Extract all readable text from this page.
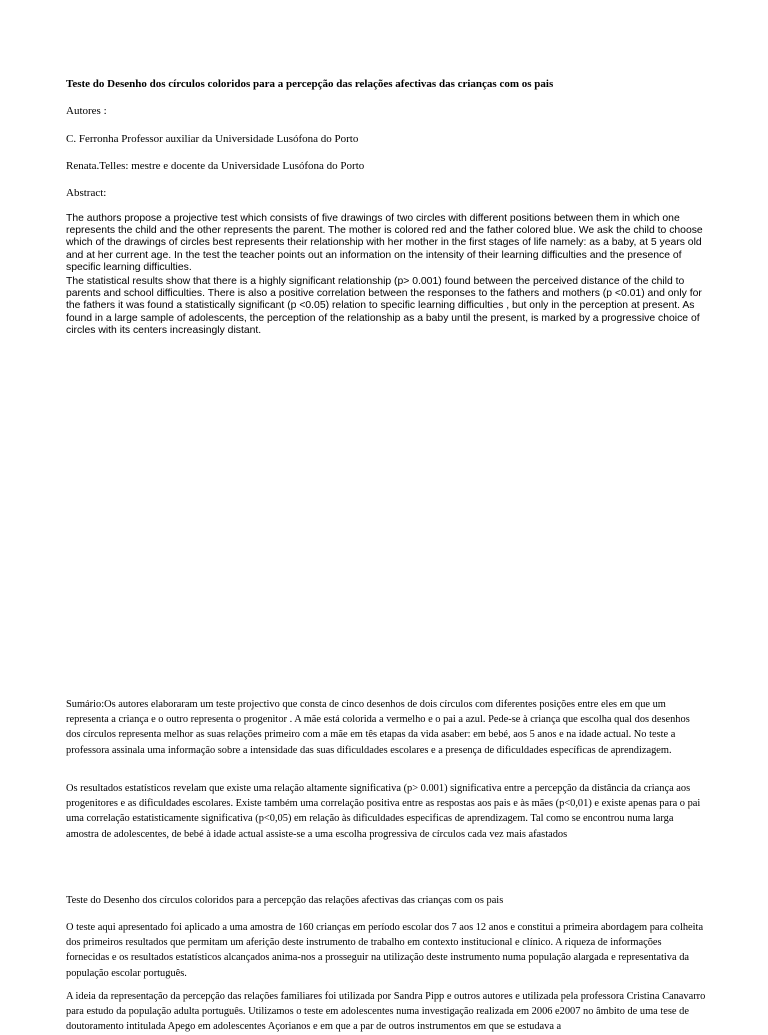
Teste do Desenho dos círculos coloridos para a percepção das relações afectivas das crianças com os pais

Autores :

C. Ferronha Professor auxiliar da Universidade Lusófona do Porto

Renata.Telles: mestre e docente da Universidade Lusófona do Porto

Abstract:

The authors propose a projective test which consists of five drawings of two circles with different positions between them in which one represents the child and the other represents the parent. The mother is colored red and the father colored blue. We ask the child to choose which of the drawings of circles best represents their relationship with her mother in the first stages of life namely: as a baby, at 5 years old and at her current age. In the test the teacher points out an information on the intensity of their learning difficulties and the presence of specific learning difficulties.

The statistical results show that there is a highly significant relationship (p> 0.001) found between the perceived distance of the child to parents and school difficulties. There is also a positive correlation between the responses to the fathers and mothers (p <0.01) and only for the fathers it was found a statistically significant (p <0.05) relation to specific learning difficulties , but only in the perception at present. As found in a large sample of adolescents, the perception of the relationship as a baby until the present, is marked by a progressive choice of circles with its centers increasingly distant.

Sumário:Os autores elaboraram um teste projectivo que consta de cinco desenhos de dois círculos com diferentes posições entre eles em que um representa a criança e o outro representa o progenitor . A mãe está colorida a vermelho e o pai a azul. Pede-se à criança que escolha qual dos desenhos dos círculos representa melhor as suas relações primeiro com a mãe em tês etapas da vida asaber: em bebé, aos 5 anos e na idade actual. No teste a professora assinala uma informação sobre a intensidade das suas dificuldades escolares e a presença de dificuldades específicas de aprendizagem.

Os resultados estatísticos revelam que existe uma relação altamente significativa (p> 0.001) significativa entre a percepção da distância da criança aos progenitores e as dificuldades escolares. Existe também uma correlação positiva entre as respostas aos pais e às mães (p<0,01) e existe apenas para o pai uma correlação estatisticamente significativa (p<0,05) em relação às dificuldades especificas de aprendizagem. Tal como se encontrou numa larga amostra de adolescentes, de bebé à idade actual assiste-se a uma escolha progressiva de círculos cada vez mais afastados

Teste do Desenho dos círculos coloridos para a percepção das relações afectivas das crianças com os pais

O teste aqui apresentado foi aplicado a uma amostra de 160 crianças em período escolar dos 7 aos 12 anos e constitui a primeira abordagem para colheita dos primeiros resultados que permitam um aferição deste instrumento de trabalho em contexto institucional e clínico. A riqueza de informações fornecidas e os resultados estatísticos alcançados anima-nos a prosseguir na utilização deste instrumento numa população alargada e representativa da população escolar português.

A ideia da representação da percepção das relações familiares foi utilizada por Sandra Pipp e outros autores e utilizada pela professora Cristina Canavarro para estudo da população adulta português. Utilizamos o teste em adolescentes numa investigação realizada em 2006 e2007 no âmbito de uma tese de doutoramento intitulada Apego em adolescentes Açorianos e em que a par de outros instrumentos em que se estudava a
